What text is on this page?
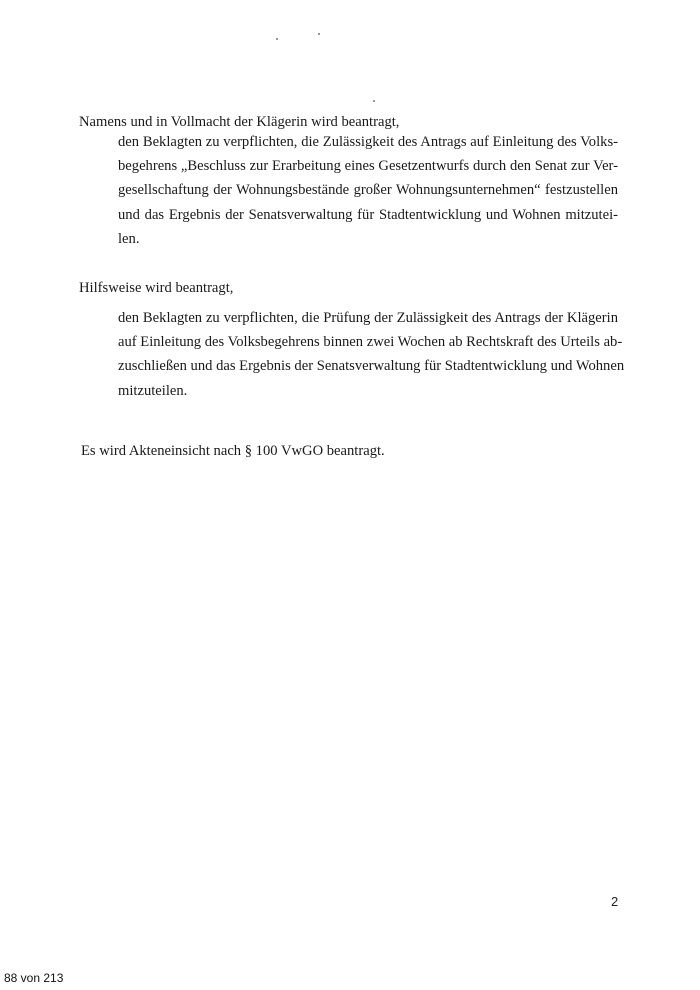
Namens und in Vollmacht der Klägerin wird beantragt,

den Beklagten zu verpflichten, die Zulässigkeit des Antrags auf Einleitung des Volks-
begehrens „Beschluss zur Erarbeitung eines Gesetzentwurfs durch den Senat zur Ver-
gesellschaftung der Wohnungsbestände großer Wohnungsunternehmen“ festzustellen
und das Ergebnis der Senatsverwaltung für Stadtentwicklung und Wohnen mitzutei-
len.

Hilfsweise wird beantragt,

den Beklagten zu verpflichten, die Prüfung der Zulässigkeit des Antrags der Klägerin
auf Einleitung des Volksbegehrens binnen zwei Wochen ab Rechtskraft des Urteils ab-
zuschließen und das Ergebnis der Senatsverwaltung für Stadtentwicklung und Wohnen
mitzuteilen.

Es wird Akteneinsicht nach § 100 VwGO beantragt.

2
88 von 213
